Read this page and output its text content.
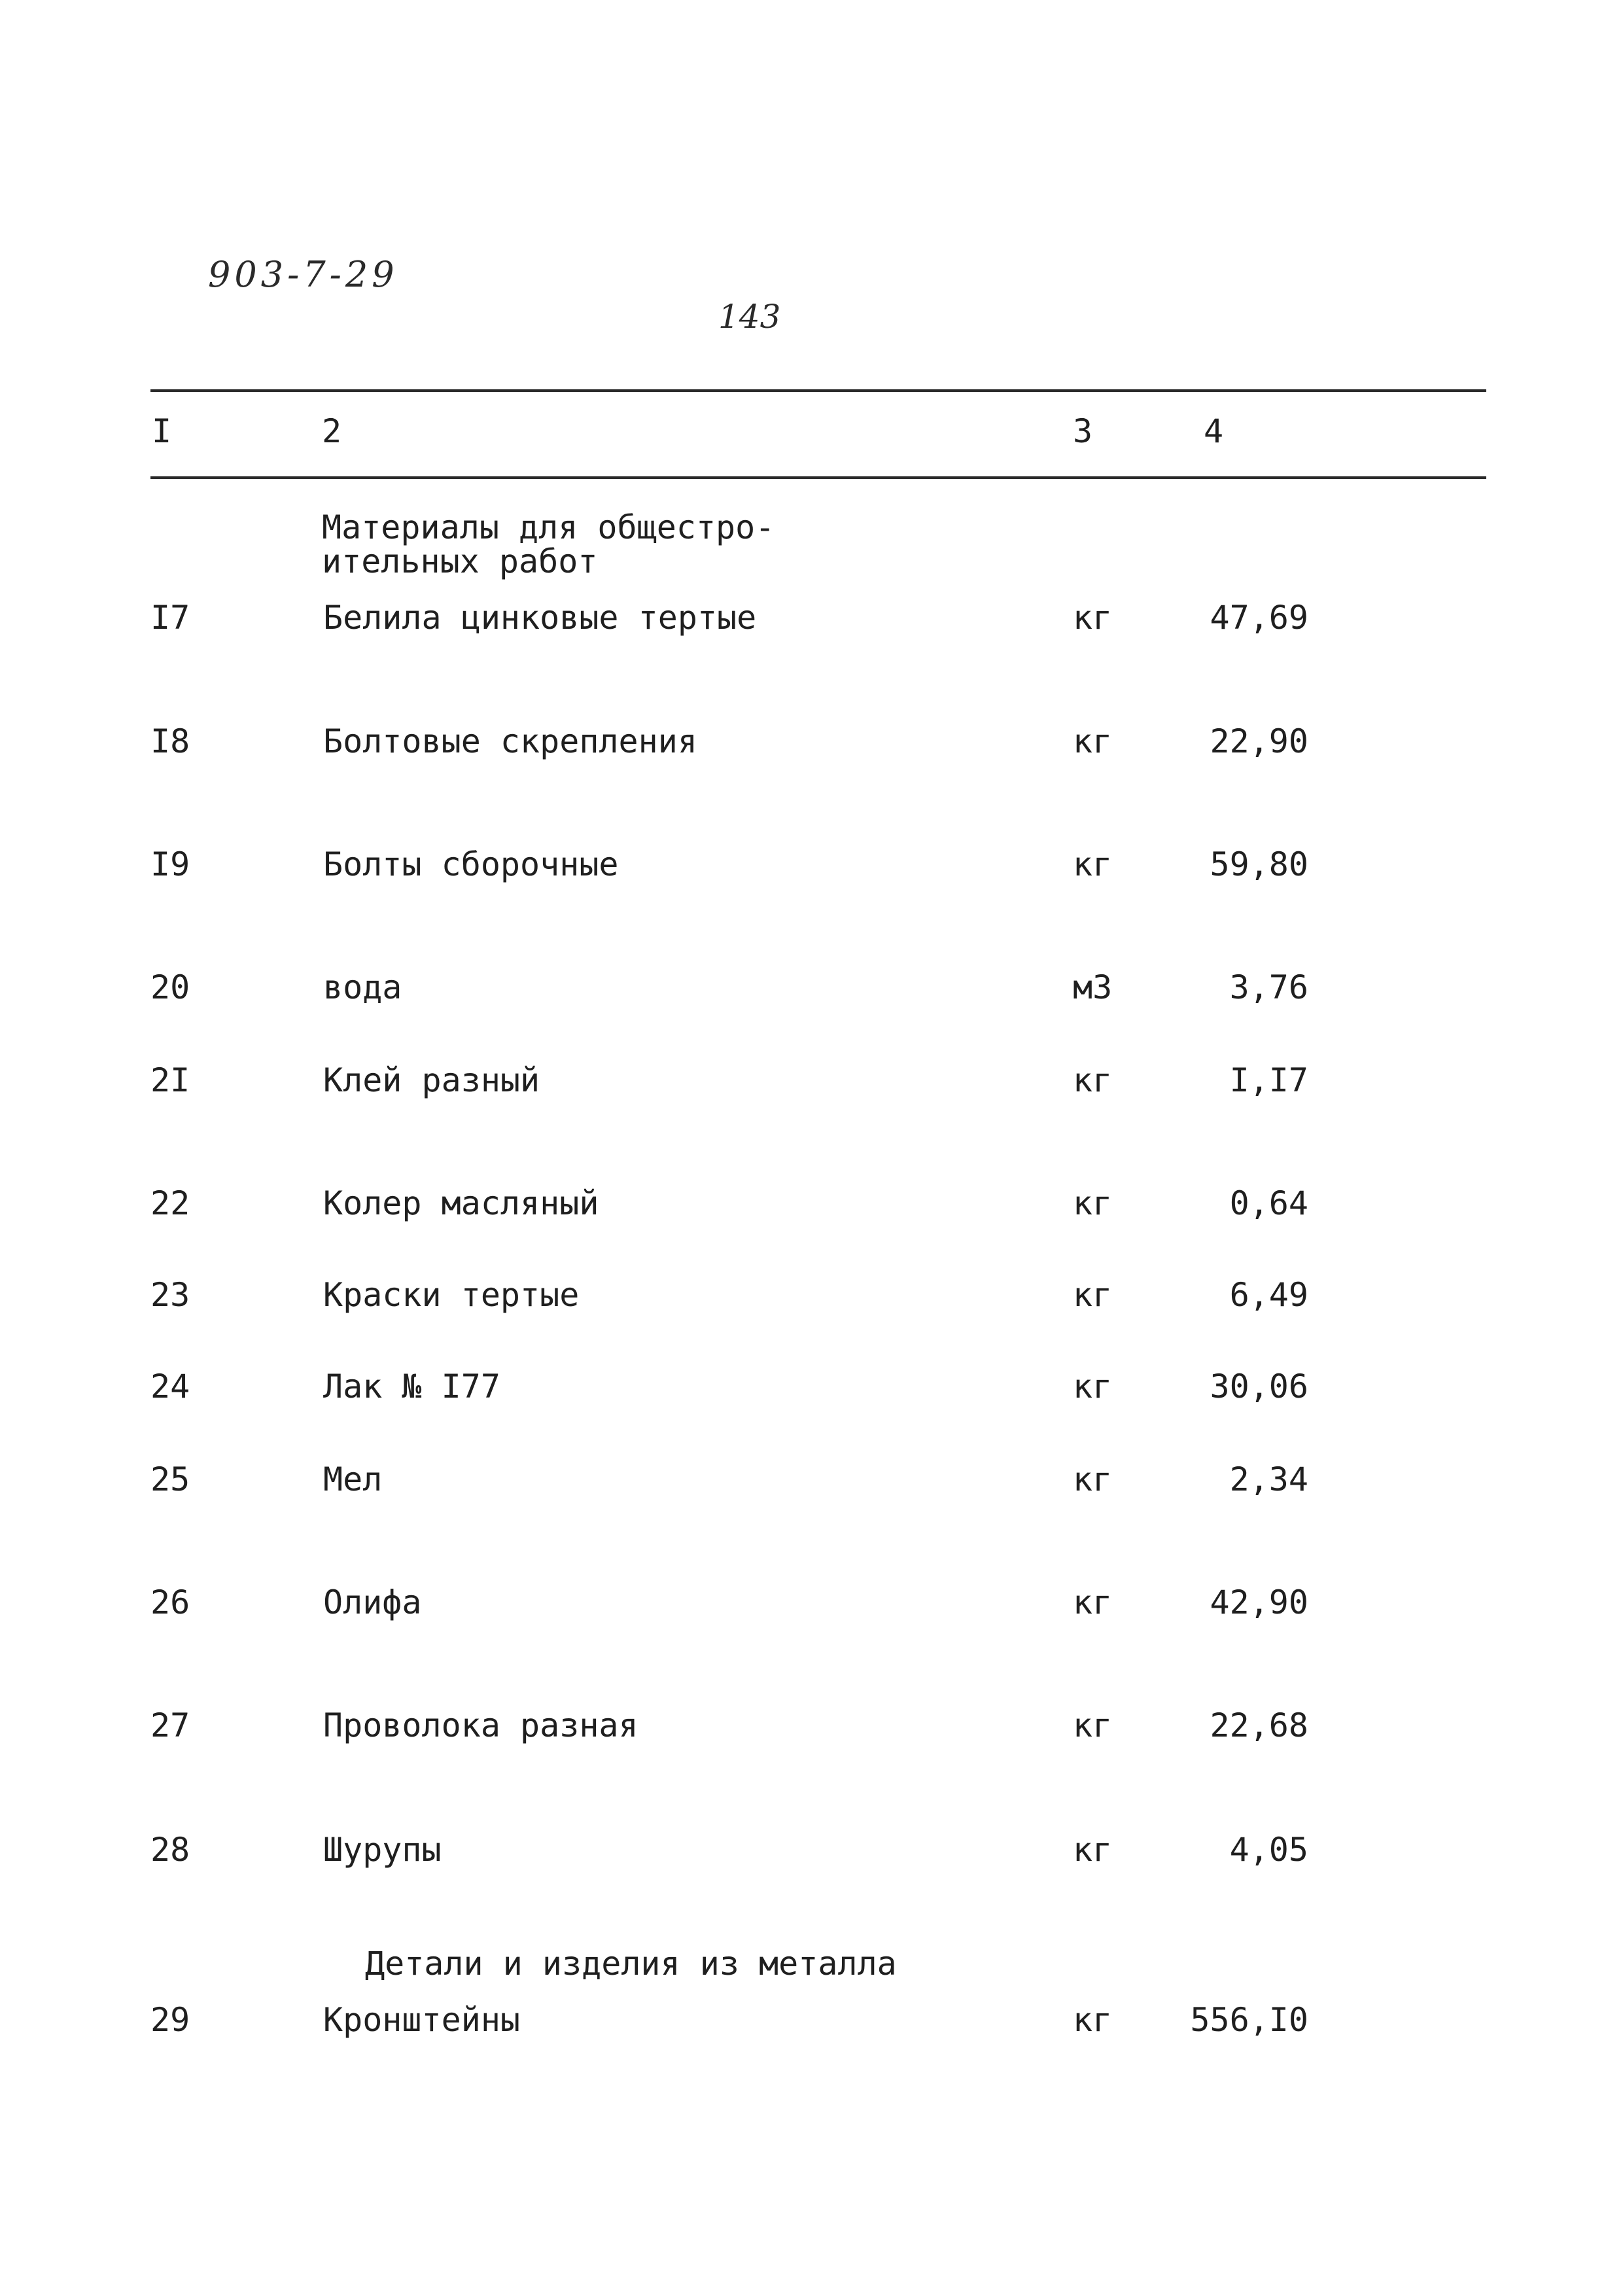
903-7-29
143
I	2	3	4
Материалы для общестро-
ительных работ
Детали и изделия из металла
I7	Белила цинковые тертые	кг	47,69
I8	Болтовые скрепления	кг	22,90
I9	Болты сборочные	кг	59,80
20	вода	м3	3,76
2I	Клей разный	кг	I,I7
22	Колер масляный	кг	0,64
23	Краски тертые	кг	6,49
24	Лак № I77	кг	30,06
25	Мел	кг	2,34
26	Олифа	кг	42,90
27	Проволока разная	кг	22,68
28	Шурупы	кг	4,05
29	Кронштейны	кг	556,I0
